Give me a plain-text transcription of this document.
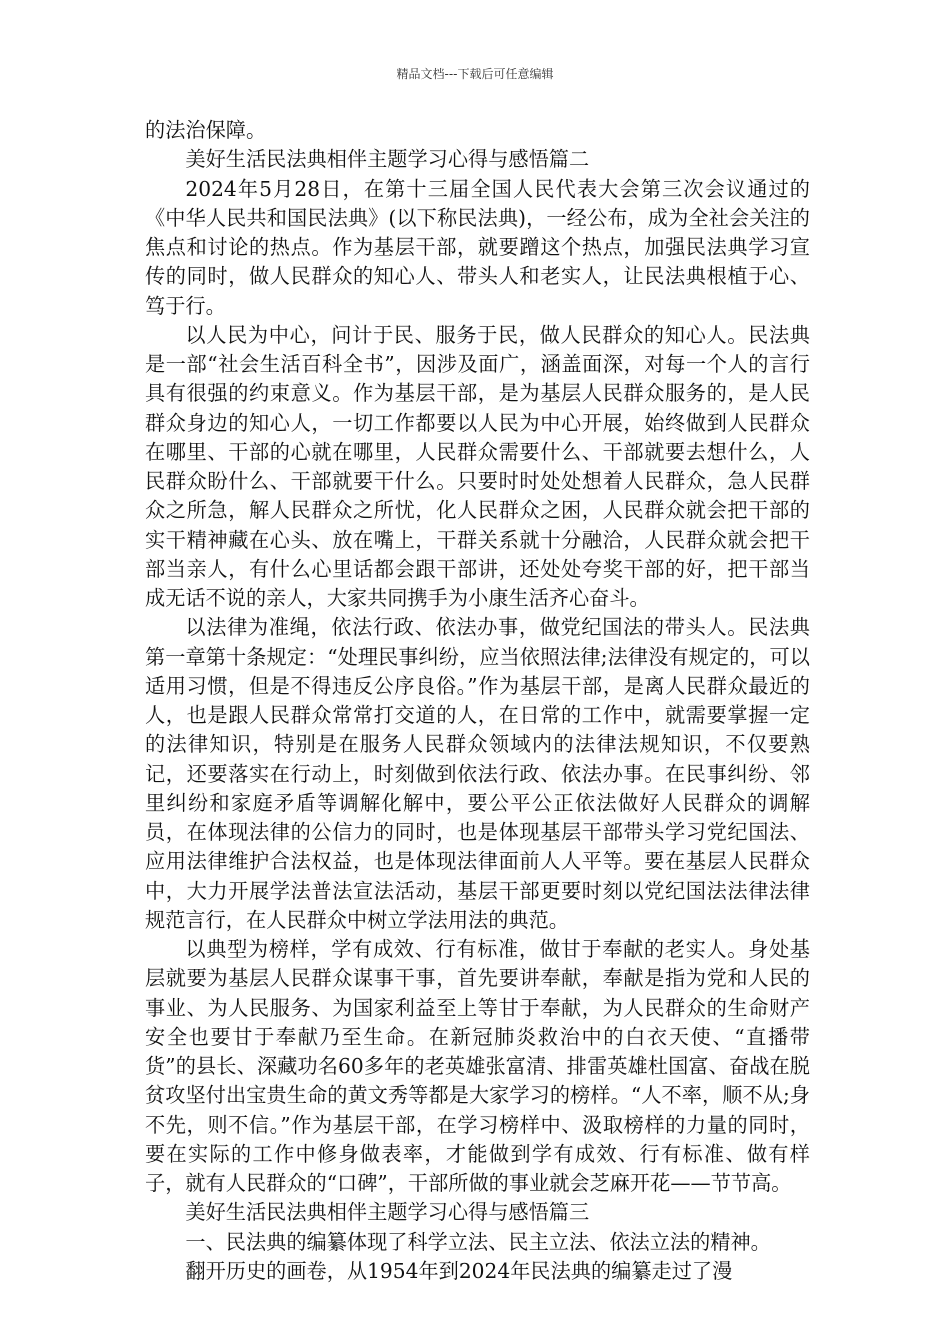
精品文档---下载后可任意编辑

的法治保障。

美好生活民法典相伴主题学习心得与感悟篇二

2024年5月28日，在第十三届全国人民代表大会第三次会议通过的《中华人民共和国民法典》(以下称民法典)，一经公布，成为全社会关注的焦点和讨论的热点。作为基层干部，就要蹭这个热点，加强民法典学习宣传的同时，做人民群众的知心人、带头人和老实人，让民法典根植于心、笃于行。

以人民为中心，问计于民、服务于民，做人民群众的知心人。民法典是一部“社会生活百科全书”，因涉及面广，涵盖面深，对每一个人的言行具有很强的约束意义。作为基层干部，是为基层人民群众服务的，是人民群众身边的知心人，一切工作都要以人民为中心开展，始终做到人民群众在哪里、干部的心就在哪里，人民群众需要什么、干部就要去想什么，人民群众盼什么、干部就要干什么。只要时时处处想着人民群众，急人民群众之所急，解人民群众之所忧，化人民群众之困，人民群众就会把干部的实干精神藏在心头、放在嘴上，干群关系就十分融洽，人民群众就会把干部当亲人，有什么心里话都会跟干部讲，还处处夸奖干部的好，把干部当成无话不说的亲人，大家共同携手为小康生活齐心奋斗。

以法律为准绳，依法行政、依法办事，做党纪国法的带头人。民法典第一章第十条规定：“处理民事纠纷，应当依照法律;法律没有规定的，可以适用习惯，但是不得违反公序良俗。”作为基层干部，是离人民群众最近的人，也是跟人民群众常常打交道的人，在日常的工作中，就需要掌握一定的法律知识，特别是在服务人民群众领域内的法律法规知识，不仅要熟记，还要落实在行动上，时刻做到依法行政、依法办事。在民事纠纷、邻里纠纷和家庭矛盾等调解化解中，要公平公正依法做好人民群众的调解员，在体现法律的公信力的同时，也是体现基层干部带头学习党纪国法、应用法律维护合法权益，也是体现法律面前人人平等。要在基层人民群众中，大力开展学法普法宣法活动，基层干部更要时刻以党纪国法法律法律规范言行，在人民群众中树立学法用法的典范。

以典型为榜样，学有成效、行有标准，做甘于奉献的老实人。身处基层就要为基层人民群众谋事干事，首先要讲奉献，奉献是指为党和人民的事业、为人民服务、为国家利益至上等甘于奉献，为人民群众的生命财产安全也要甘于奉献乃至生命。在新冠肺炎救治中的白衣天使、“直播带货”的县长、深藏功名60多年的老英雄张富清、排雷英雄杜国富、奋战在脱贫攻坚付出宝贵生命的黄文秀等都是大家学习的榜样。“人不率，顺不从;身不先，则不信。”作为基层干部，在学习榜样中、汲取榜样的力量的同时，要在实际的工作中修身做表率，才能做到学有成效、行有标准、做有样子，就有人民群众的“口碑”，干部所做的事业就会芝麻开花——节节高。

美好生活民法典相伴主题学习心得与感悟篇三

一、民法典的编纂体现了科学立法、民主立法、依法立法的精神。

翻开历史的画卷，从1954年到2024年民法典的编纂走过了漫
